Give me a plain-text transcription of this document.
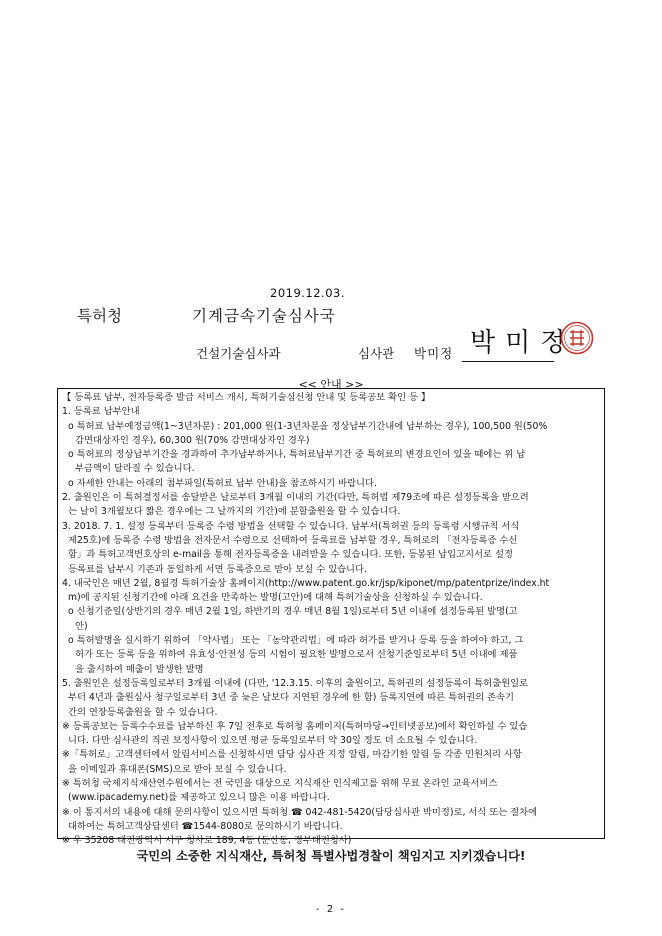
2019.12.03.
특허청	기계금속기술심사국
건설기술심사과	심사관 박미정 박미정
<< 안내 >>
【 등록료 납부, 전자등록증 발급 서비스 개시, 특허기술심신청 안내 및 등록공보 확인 등 】
1. 등록료 납부안내
o 특허료 납부예정금액(1~3년차분) : 201,000 원(1-3년차분을 정상납부기간내에 납부하는 경우), 100,500 원(50%
감면대상자인 경우), 60,300 원(70% 감면대상자인 경우)
o 특허료의 정상납부기간을 경과하여 추가납부하거나, 특허료납부기간 중 특허료의 변경요인이 있을 때에는 위 납
부금액이 달라질 수 있습니다.
o 자세한 안내는 아래의 첨부파일(특허료 납부 안내)을 참조하시기 바랍니다.
2. 출원인은 이 특허결정서를 송달받은 날로부터 3개월 이내의 기간(다만, 특허법 제79조에 따른 설정등록을 받으려
는 날이 3개월보다 짧은 경우에는 그 날까지의 기간)에 분할출원을 할 수 있습니다.
3. 2018. 7. 1. 설정 등록부터 등록증 수령 방법을 선택할 수 있습니다. 납부서(특허권 등의 등록령 시행규칙 서식
제25호)에 등록증 수령 방법을 전자문서 수령으로 선택하여 등록료를 납부할 경우, 특허로의 「전자등록증 수신
함」과 특허고객번호상의 e-mail을 통해 전자등록증을 내려받을 수 있습니다. 또한, 등봉된 납입고지서로 설정
등록료를 납부시 기존과 동일하게 서면 등록증으로 받아 보실 수 있습니다.
4. 내국인은 매년 2월, 8월경 특허기술상 홈페이지(http://www.patent.go.kr/jsp/kiponet/mp/patentprize/index.ht
m)에 공지된 신청기간에 아래 요건을 만족하는 발명(고안)에 대해 특허기술상을 신청하실 수 있습니다.
o 신청기준일(상반기의 경우 매년 2월 1일, 하반기의 경우 매년 8월 1일)로부터 5년 이내에 설정등록된 발명(고
안)
o 특허발명을 실시하기 위하여 「약사법」 또는 「농약관리법」에 따라 허가를 받거나 등록 등을 하여야 하고, 그
허가 또는 등록 등을 위하여 유효성·안전성 등의 시험이 필요한 발명으로서 신청기준일로부터 5년 이내에 제품
을 출시하여 매출이 발생한 발명
5. 출원인은 설정등록일로부터 3개월 이내에 (다만, '12.3.15. 이후의 출원이고, 특허권의 설정등록이 특허출원일로
부터 4년과 출원심사 청구일로부터 3년 중 늦은 날보다 지연된 경우에 한 함) 등록지연에 따른 특허권의 존속기
간의 연장등록출원을 할 수 있습니다.
※ 등록공보는 등록수수료를 납부하신 후 7일 전후로 특허청 홈페이지(특허마당→인터넷공보)에서 확인하실 수 있습
니다. 다만 심사관의 직권 보정사항이 있으면 평균 등록일로부터 약 30일 정도 더 소요될 수 있습니다.
※「특허로」고객센터에서 알림서비스를 신청하시면 담당 심사관 지정 알림, 마감기한 알림 등 각종 민원처리 사항
을 이메일과 휴대폰(SMS)으로 받아 보실 수 있습니다.
※ 특허청 국제지식재산연수원에서는 전 국민을 대상으로 지식재산 인식제고를 위해 무료 온라인 교육서비스
(www.ipacademy.net)를 제공하고 있으니 많은 이용 바랍니다.
※ 이 통지서의 내용에 대해 문의사항이 있으시면 특허청 ☎ 042-481-5420(담당심사관 박미정)로, 서식 또는 절차에
대하여는 특허고객상담센터 ☎1544-8080로 문의하시기 바랍니다.
※ 우 35208 대전광역시 서구 청사로 189, 4동 (둔산동, 정부대전청사)
국민의 소중한 지식재산, 특허청 특별사법경찰이 책임지고 지키겠습니다!
- 2 -
